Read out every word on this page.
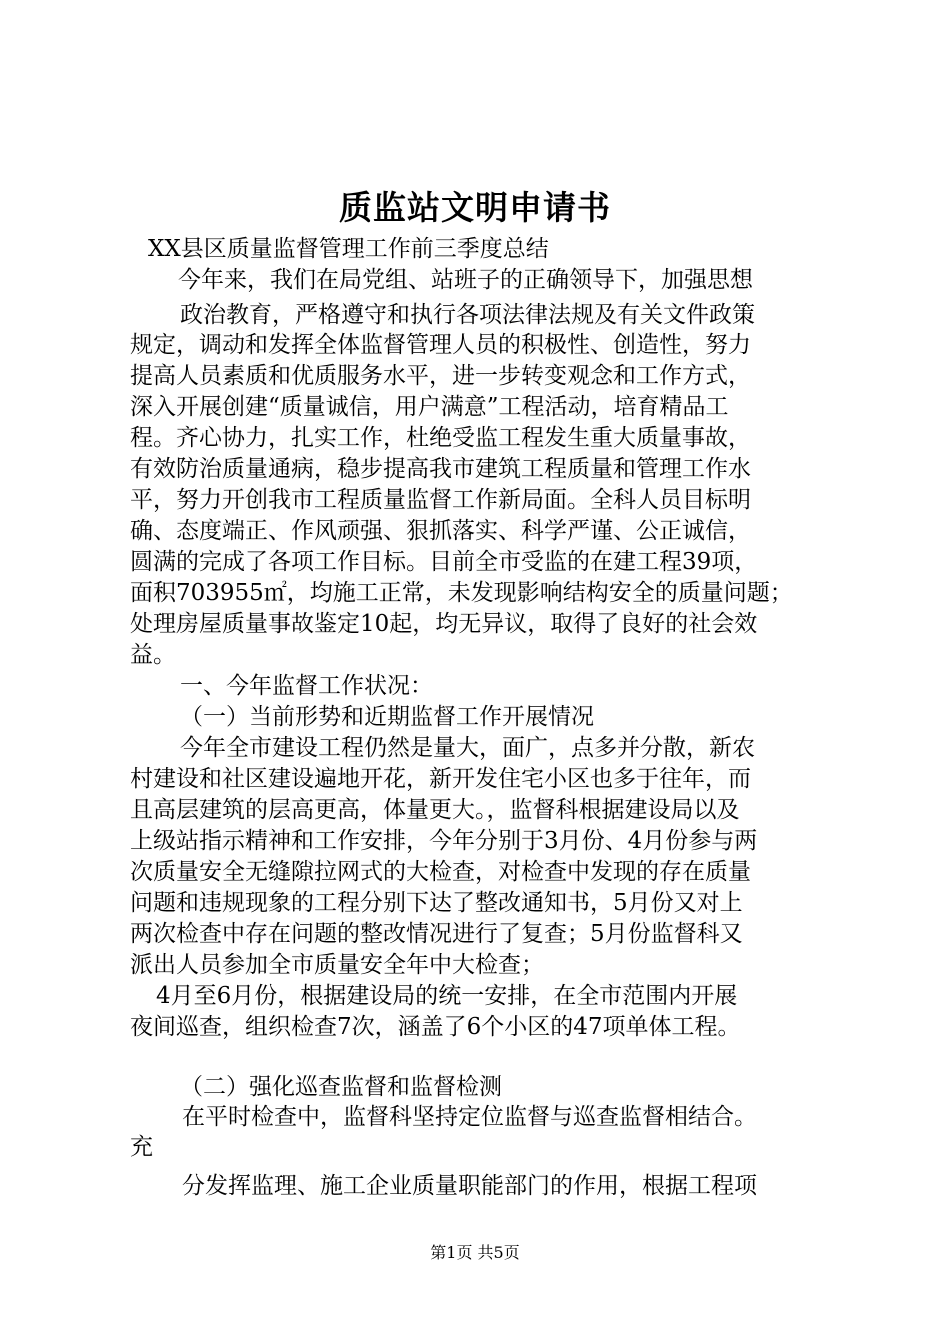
质监站文明申请书
XX县区质量监督管理工作前三季度总结
今年来，我们在局党组、站班子的正确领导下，加强思想
政治教育，严格遵守和执行各项法律法规及有关文件政策
规定，调动和发挥全体监督管理人员的积极性、创造性，努力
提高人员素质和优质服务水平，进一步转变观念和工作方式，
深入开展创建“质量诚信，用户满意”工程活动，培育精品工
程。齐心协力，扎实工作，杜绝受监工程发生重大质量事故，
有效防治质量通病，稳步提高我市建筑工程质量和管理工作水
平，努力开创我市工程质量监督工作新局面。全科人员目标明
确、态度端正、作风顽强、狠抓落实、科学严谨、公正诚信，
圆满的完成了各项工作目标。目前全市受监的在建工程39项，
面积703955㎡，均施工正常，未发现影响结构安全的质量问题；
处理房屋质量事故鉴定10起，均无异议，取得了良好的社会效
益。
一、今年监督工作状况：
（一）当前形势和近期监督工作开展情况
今年全市建设工程仍然是量大，面广，点多并分散，新农
村建设和社区建设遍地开花，新开发住宅小区也多于往年，而
且高层建筑的层高更高，体量更大。，监督科根据建设局以及
上级站指示精神和工作安排，今年分别于3月份、4月份参与两
次质量安全无缝隙拉网式的大检查，对检查中发现的存在质量
问题和违规现象的工程分别下达了整改通知书，5月份又对上
两次检查中存在问题的整改情况进行了复查；5月份监督科又
派出人员参加全市质量安全年中大检查；
4月至6月份，根据建设局的统一安排，在全市范围内开展
夜间巡查，组织检查7次，涵盖了6个小区的47项单体工程。
（二）强化巡查监督和监督检测
在平时检查中，监督科坚持定位监督与巡查监督相结合。
充
分发挥监理、施工企业质量职能部门的作用，根据工程项
第1页 共5页
